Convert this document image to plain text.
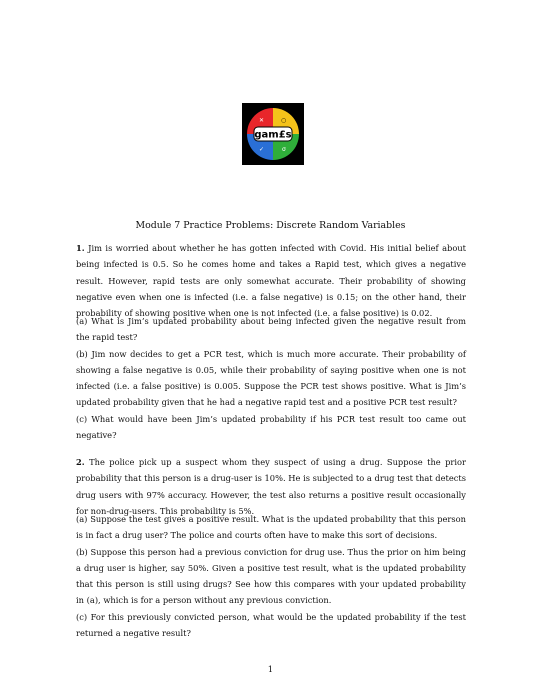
✕	○
✓	σ
gam£s
Module 7 Practice Problems: Discrete Random Variables

1. Jim is worried about whether he has gotten infected with Covid. His initial belief about being infected is 0.5. So he comes home and takes a Rapid test, which gives a negative result. However, rapid tests are only somewhat accurate. Their probability of showing negative even when one is infected (i.e. a false negative) is 0.15; on the other hand, their probability of showing positive when one is not infected (i.e. a false positive) is 0.02.

(a) What is Jim’s updated probability about being infected given the negative result from the rapid test?

(b) Jim now decides to get a PCR test, which is much more accurate. Their probability of showing a false negative is 0.05, while their probability of saying positive when one is not infected (i.e. a false positive) is 0.005. Suppose the PCR test shows positive. What is Jim’s updated probability given that he had a negative rapid test and a positive PCR test result?

(c) What would have been Jim’s updated probability if his PCR test result too came out negative?

2. The police pick up a suspect whom they suspect of using a drug. Suppose the prior probability that this person is a drug-user is 10%. He is subjected to a drug test that detects drug users with 97% accuracy. However, the test also returns a positive result occasionally for non-drug-users. This probability is 5%.

(a) Suppose the test gives a positive result. What is the updated probability that this person is in fact a drug user? The police and courts often have to make this sort of decisions.

(b) Suppose this person had a previous conviction for drug use. Thus the prior on him being a drug user is higher, say 50%. Given a positive test result, what is the updated probability that this person is still using drugs? See how this compares with your updated probability in (a), which is for a person without any previous conviction.

(c) For this previously convicted person, what would be the updated probability if the test returned a negative result?

1
